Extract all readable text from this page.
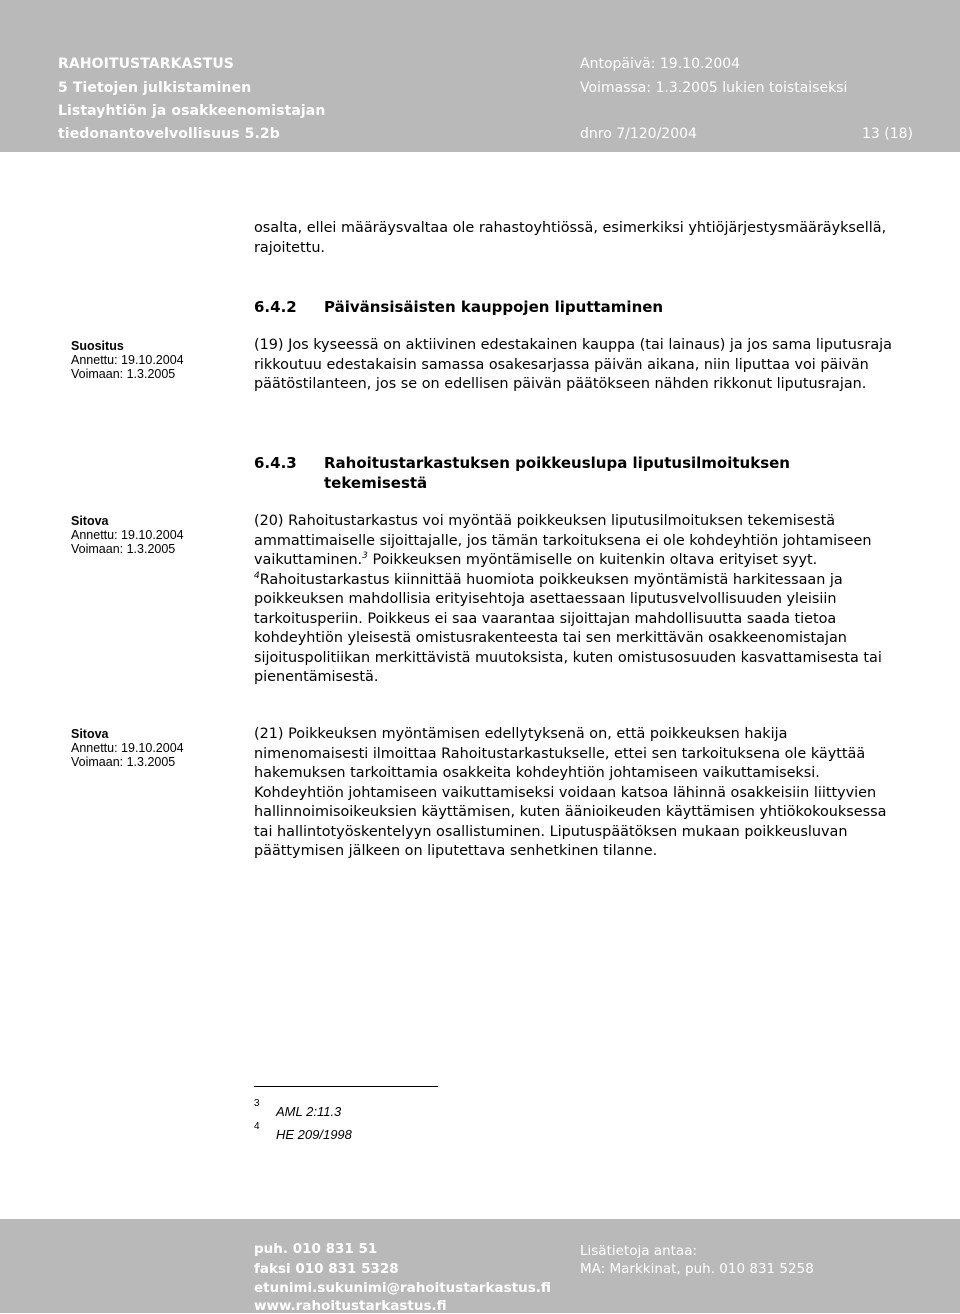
RAHOITUSTARKASTUS
5 Tietojen julkistaminen
Listayhtiön ja osakkeenomistajan
tiedonantovelvollisuus 5.2b
Antopäivä: 19.10.2004
Voimassa: 1.3.2005 lukien toistaiseksi
dnro 7/120/2004	13 (18)

osalta, ellei määräysvaltaa ole rahastoyhtiössä, esimerkiksi yhtiöjärjestysmääräyksellä, rajoitettu.

6.4.2 Päivänsisäisten kauppojen liputtaminen
Suositus
Annettu: 19.10.2004
Voimaan: 1.3.2005

(19) Jos kyseessä on aktiivinen edestakainen kauppa (tai lainaus) ja jos sama liputusraja rikkoutuu edestakaisin samassa osakesarjassa päivän aikana, niin liputtaa voi päivän päätöstilanteen, jos se on edellisen päivän päätökseen nähden rikkonut liputusrajan.

6.4.3 Rahoitustarkastuksen poikkeuslupa liputusilmoituksen tekemisestä
Sitova
Annettu: 19.10.2004
Voimaan: 1.3.2005

(20) Rahoitustarkastus voi myöntää poikkeuksen liputusilmoituksen tekemisestä ammattimaiselle sijoittajalle, jos tämän tarkoituksena ei ole kohdeyhtiön johtamiseen vaikuttaminen.$^3$ Poikkeuksen myöntämiselle on kuitenkin oltava erityiset syyt. $^4$Rahoitustarkastus kiinnittää huomiota poikkeuksen myöntämistä harkitessaan ja poikkeuksen mahdollisia erityisehtoja asettaessaan liputusvelvollisuuden yleisiin tarkoitusperiin. Poikkeus ei saa vaarantaa sijoittajan mahdollisuutta saada tietoa kohdeyhtiön yleisestä omistusrakenteesta tai sen merkittävän osakkeenomistajan sijoituspolitiikan merkittävistä muutoksista, kuten omistusosuuden kasvattamisesta tai pienentämisestä.

Sitova
Annettu: 19.10.2004
Voimaan: 1.3.2005

(21) Poikkeuksen myöntämisen edellytyksenä on, että poikkeuksen hakija nimenomaisesti ilmoittaa Rahoitustarkastukselle, ettei sen tarkoituksena ole käyttää hakemuksen tarkoittamia osakkeita kohdeyhtiön johtamiseen vaikuttamiseksi. Kohdeyhtiön johtamiseen vaikuttamiseksi voidaan katsoa lähinnä osakkeisiin liittyvien hallinnoimisoikeuksien käyttämisen, kuten äänioikeuden käyttämisen yhtiökokouksessa tai hallintotyöskentelyyn osallistuminen. Liputuspäätöksen mukaan poikkeusluvan päättymisen jälkeen on liputettava senhetkinen tilanne.

3
AML 2:11.3
4
HE 209/1998
puh. 010 831 51
faksi 010 831 5328
etunimi.sukunimi@rahoitustarkastus.fi
www.rahoitustarkastus.fi
Lisätietoja antaa:
MA: Markkinat, puh. 010 831 5258
